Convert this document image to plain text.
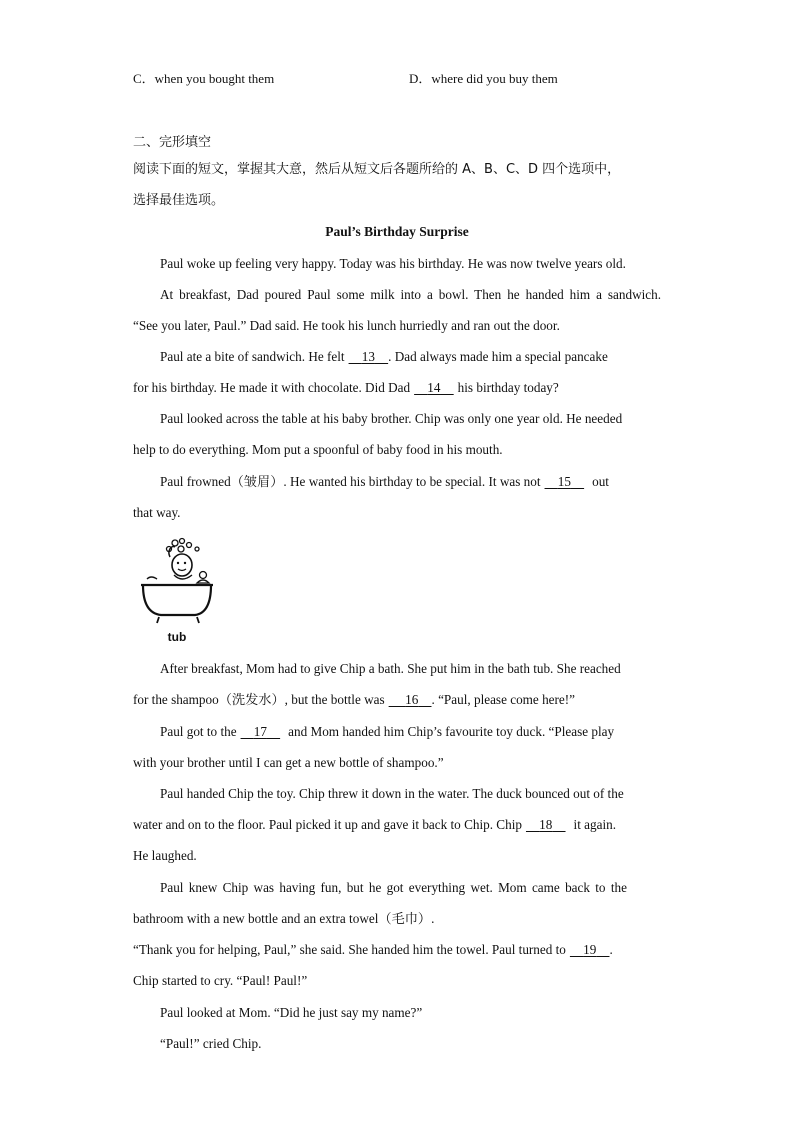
C．when you bought them	D．where did you buy them
二、完形填空
阅读下面的短文，掌握其大意，然后从短文后各题所给的 A、B、C、D 四个选项中，
选择最佳选项。
Paul’s Birthday Surprise
Paul woke up feeling very happy. Today was his birthday. He was now twelve years old.
At breakfast, Dad poured Paul some milk into a bowl. Then he handed him a sandwich.
“See you later, Paul.” Dad said. He took his lunch hurriedly and ran out the door.
Paul ate a bite of sandwich. He felt 13 . Dad always made him a special pancake
for his birthday. He made it with chocolate. Did Dad 14 his birthday today?
Paul looked across the table at his baby brother. Chip was only one year old. He needed
help to do everything. Mom put a spoonful of baby food in his mouth.
Paul frowned（皱眉）. He wanted his birthday to be special. It was not 15 out
that way.
tub
After breakfast, Mom had to give Chip a bath. She put him in the bath tub. She reached
for the shampoo（洗发水）, but the bottle was 16 . “Paul, please come here!”
Paul got to the 17 and Mom handed him Chip’s favourite toy duck. “Please play
with your brother until I can get a new bottle of shampoo.”
Paul handed Chip the toy. Chip threw it down in the water. The duck bounced out of the
water and on to the floor. Paul picked it up and gave it back to Chip. Chip 18 it again.
He laughed.
Paul knew Chip was having fun, but he got everything wet. Mom came back to the
bathroom with a new bottle and an extra towel（毛巾）.
“Thank you for helping, Paul,” she said. She handed him the towel. Paul turned to 19 .
Chip started to cry. “Paul! Paul!”
Paul looked at Mom. “Did he just say my name?”
“Paul!” cried Chip.
